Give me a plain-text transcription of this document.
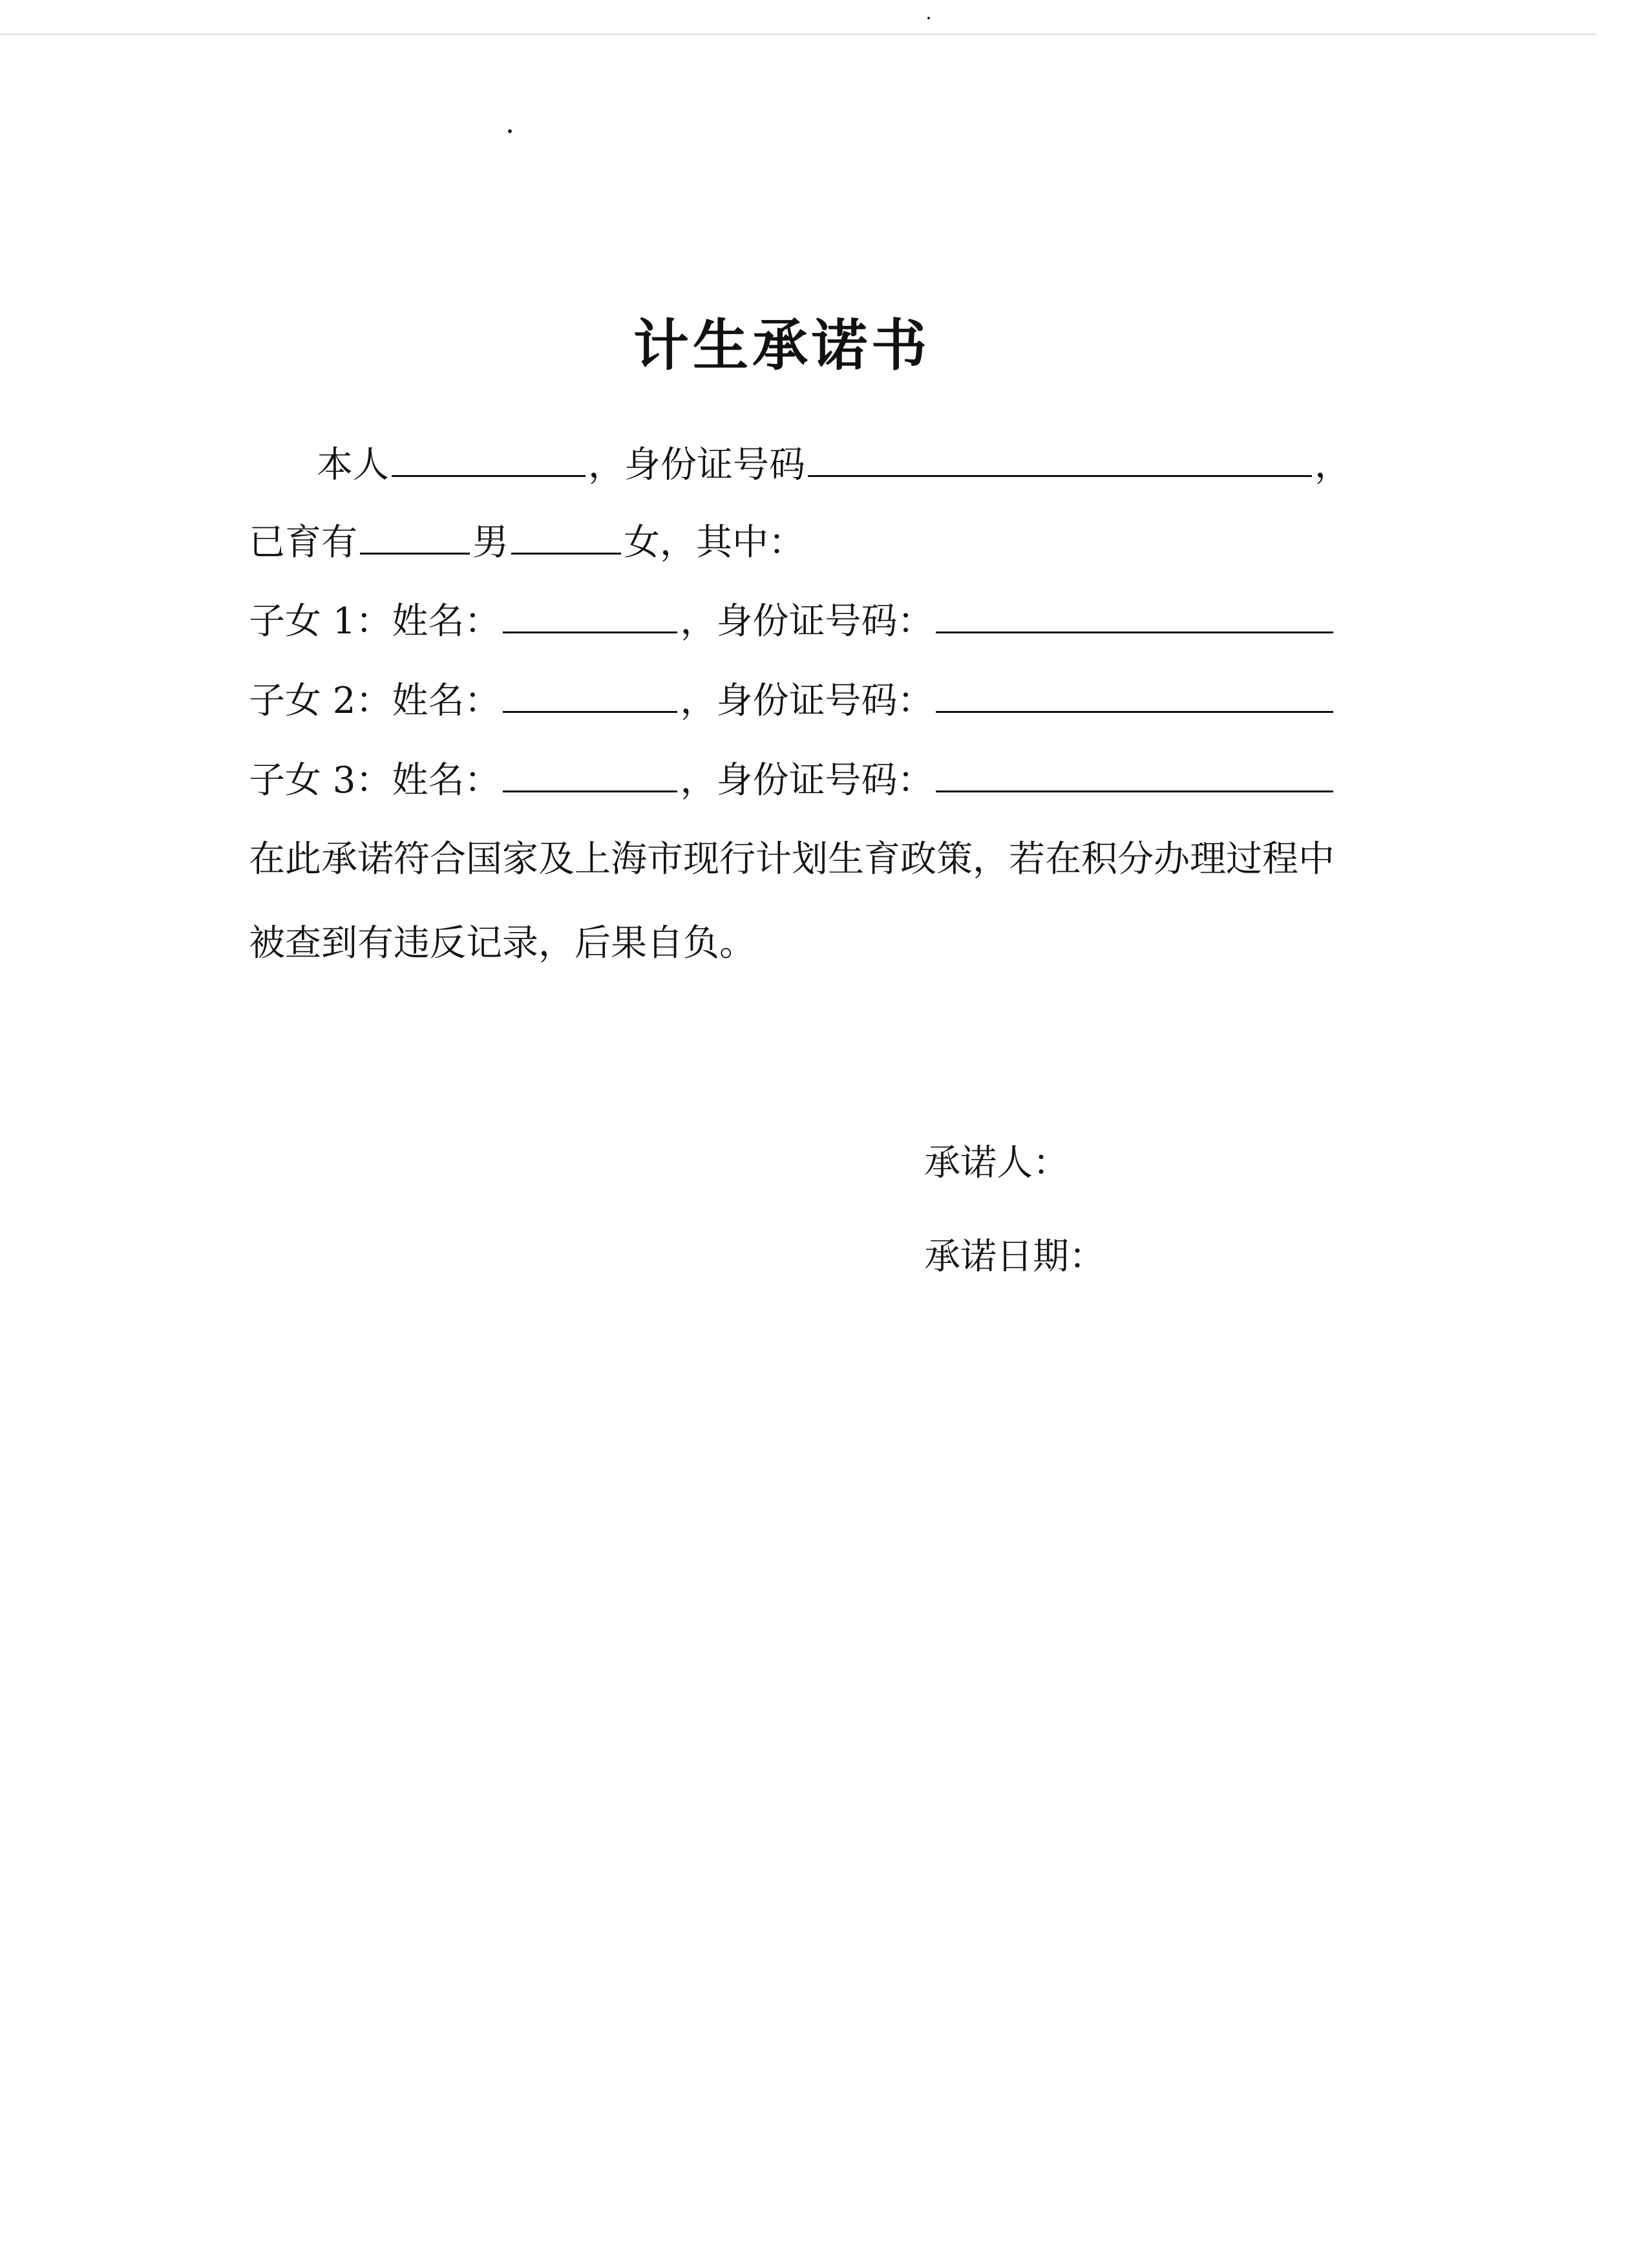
计生承诺书
本人	，身份证号码	，
已育有	男	女，其中：
子女 1：姓名：	，身份证号码：
子女 2：姓名：	，身份证号码：
子女 3：姓名：	，身份证号码：
在此承诺符合国家及上海市现行计划生育政策，若在积分办理过程中
被查到有违反记录，后果自负。
承诺人：
承诺日期：
